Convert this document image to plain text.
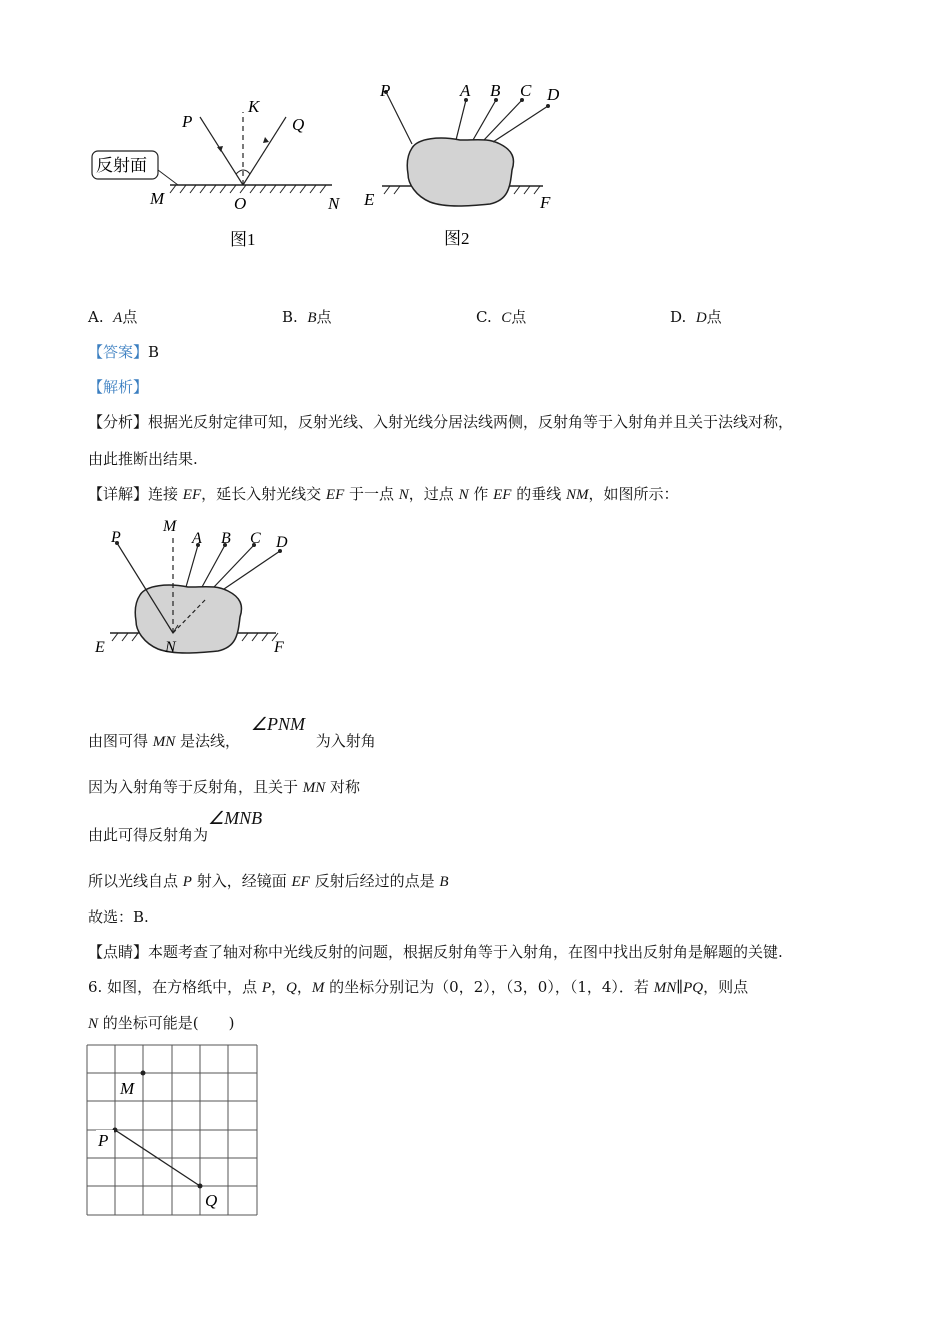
反射面
P
K
Q
M	O	N
图1
P	A B C D
E	F
图2
A. A点	B. B点	C. C点	D. D点
【答案】B
【解析】
【分析】根据光反射定律可知，反射光线、入射光线分居法线两侧，反射角等于入射角并且关于法线对称，
由此推断出结果.
【详解】连接 EF，延长入射光线交 EF 于一点 N，过点 N 作 EF 的垂线 NM，如图所示：
P
M
A B C D
E	N	F
由图可得 MN 是法线， ∠PNM 为入射角
因为入射角等于反射角，且关于 MN 对称
由此可得反射角为∠MNB
所以光线自点 P 射入，经镜面 EF 反射后经过的点是 B
故选：B.
【点睛】本题考查了轴对称中光线反射的问题，根据反射角等于入射角，在图中找出反射角是解题的关键.
6. 如图，在方格纸中，点 P，Q，M 的坐标分别记为（0，2），（3，0），（1，4）．若 MN∥PQ，则点
N 的坐标可能是(　　)
M
P
Q
